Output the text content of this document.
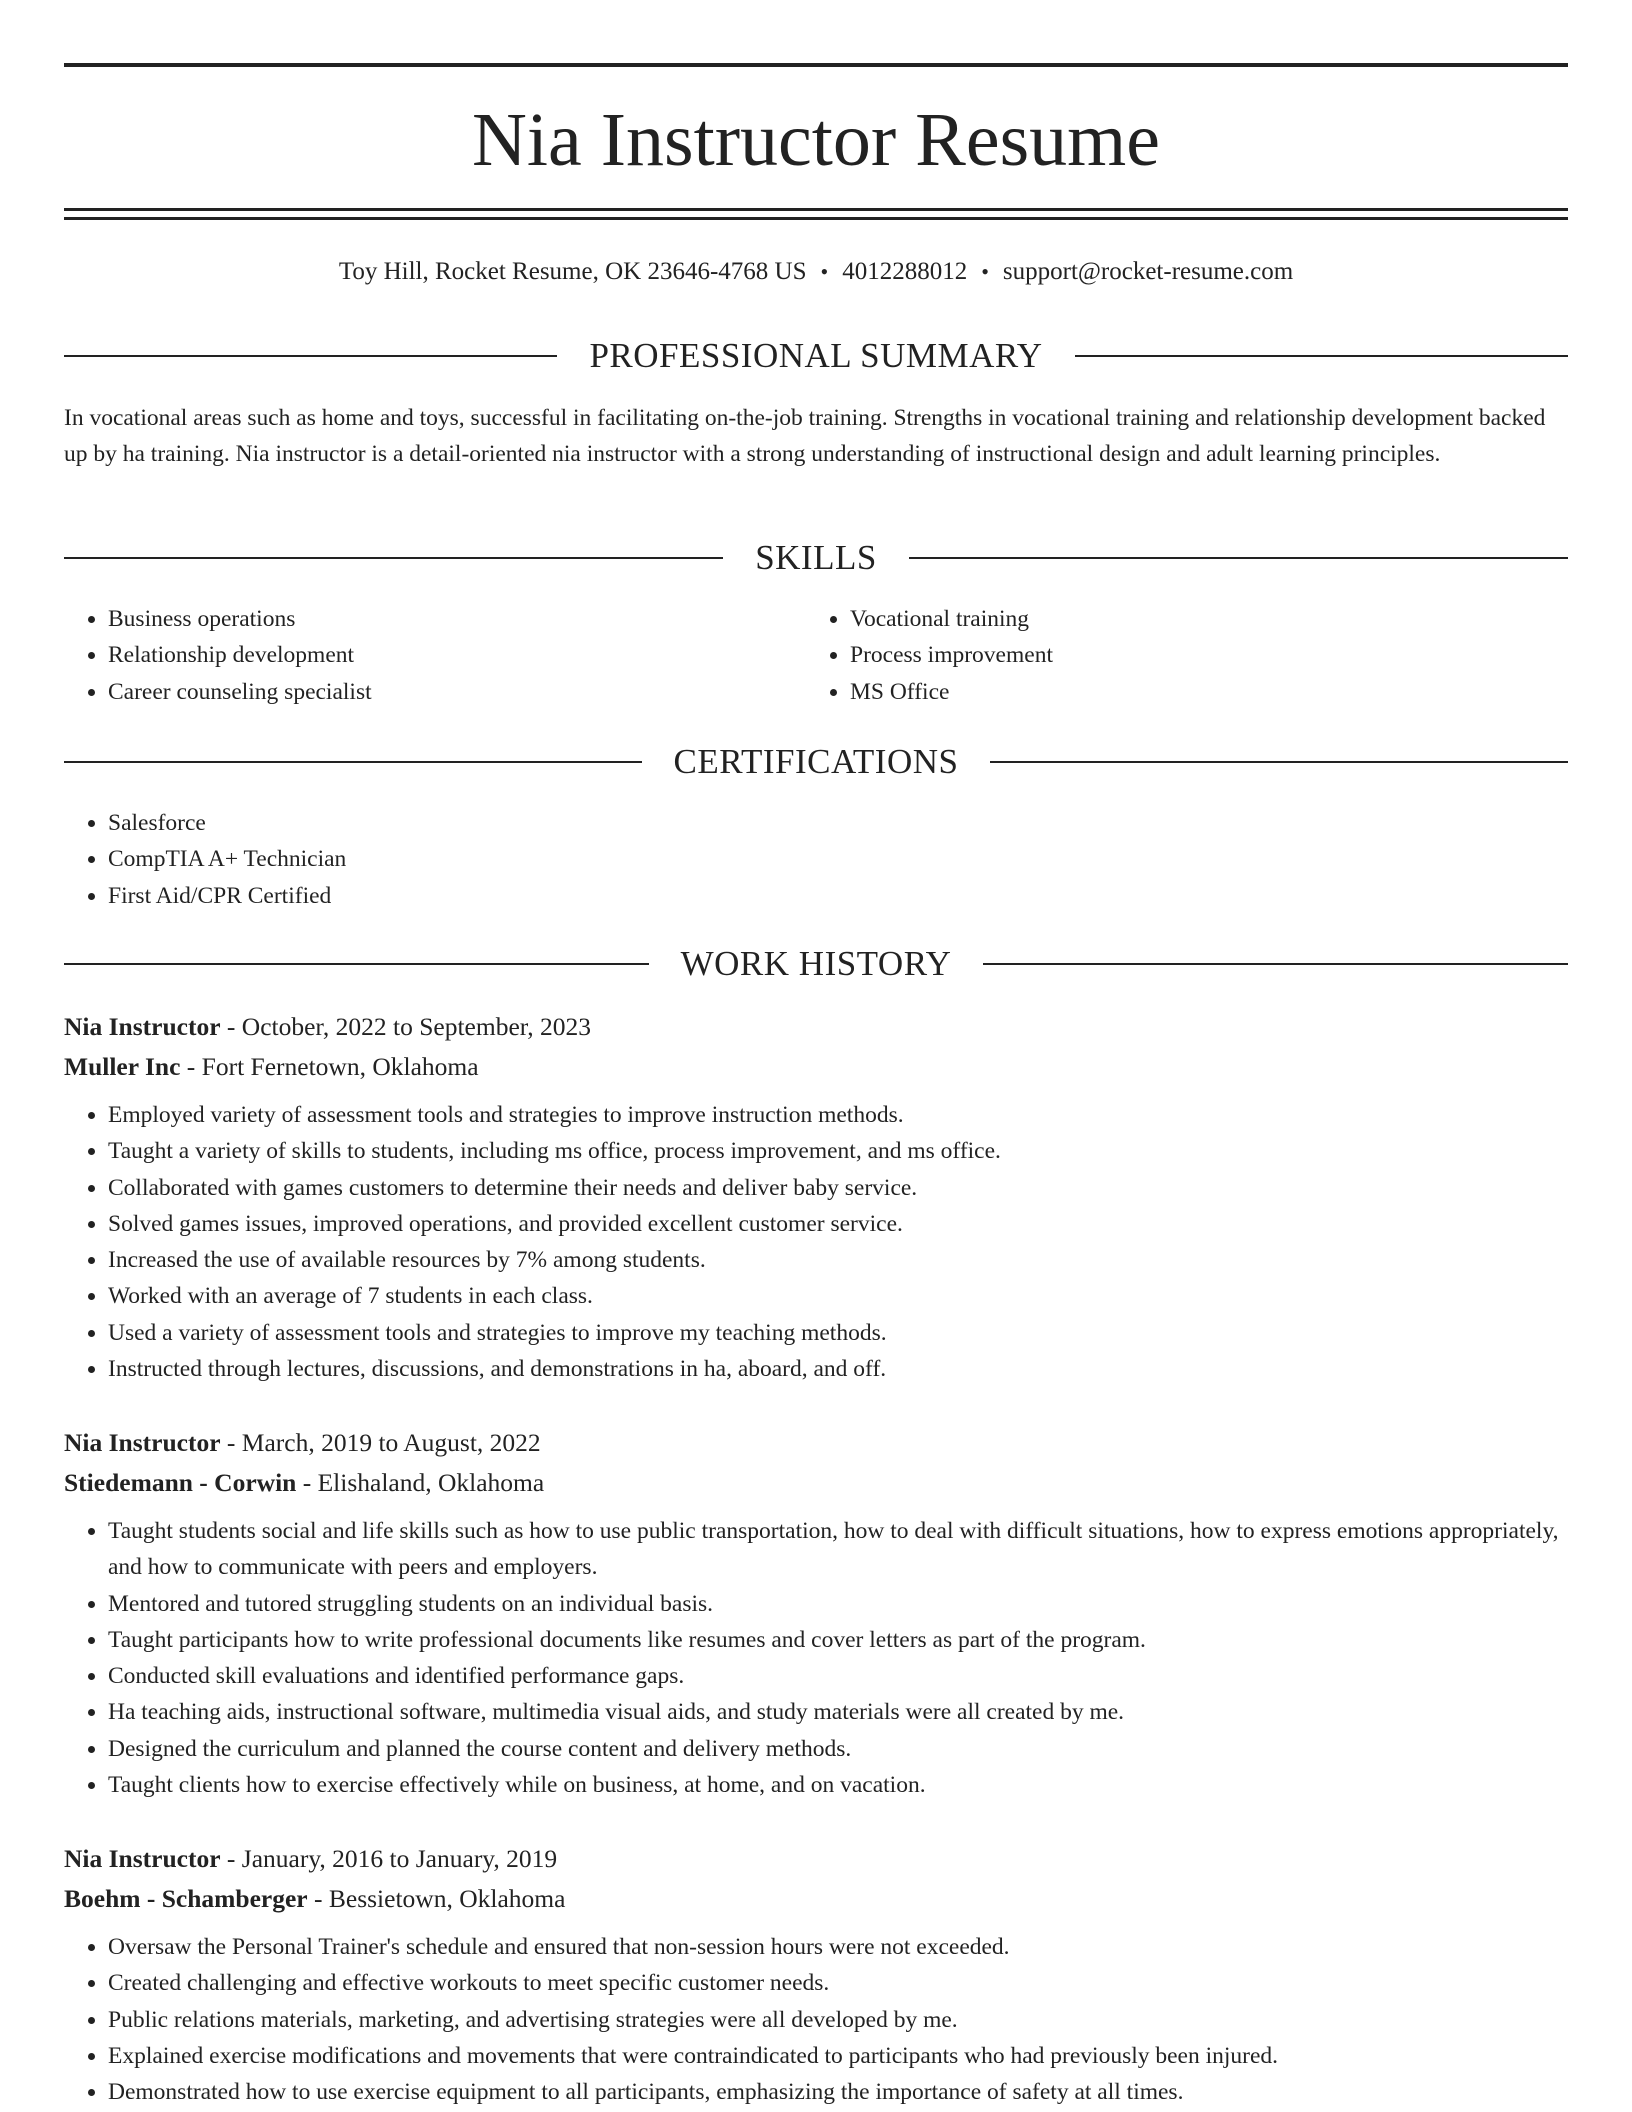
Nia Instructor Resume
Toy Hill, Rocket Resume, OK 23646-4768 US • 4012288012 • support@rocket-resume.com
PROFESSIONAL SUMMARY

In vocational areas such as home and toys, successful in facilitating on-the-job training. Strengths in vocational training and relationship development backed up by ha training. Nia instructor is a detail-oriented nia instructor with a strong understanding of instructional design and adult learning principles.

SKILLS
• Business operations
• Relationship development
• Career counseling specialist
• Vocational training
• Process improvement
• MS Office
CERTIFICATIONS
• Salesforce
• CompTIA A+ Technician
• First Aid/CPR Certified
WORK HISTORY
Nia Instructor - October, 2022 to September, 2023
Muller Inc - Fort Fernetown, Oklahoma
• Employed variety of assessment tools and strategies to improve instruction methods.
• Taught a variety of skills to students, including ms office, process improvement, and ms office.
• Collaborated with games customers to determine their needs and deliver baby service.
• Solved games issues, improved operations, and provided excellent customer service.
• Increased the use of available resources by 7% among students.
• Worked with an average of 7 students in each class.
• Used a variety of assessment tools and strategies to improve my teaching methods.
• Instructed through lectures, discussions, and demonstrations in ha, aboard, and off.
Nia Instructor - March, 2019 to August, 2022
Stiedemann - Corwin - Elishaland, Oklahoma
• Taught students social and life skills such as how to use public transportation, how to deal with difficult situations, how to express emotions appropriately, and how to communicate with peers and employers.
• Mentored and tutored struggling students on an individual basis.
• Taught participants how to write professional documents like resumes and cover letters as part of the program.
• Conducted skill evaluations and identified performance gaps.
• Ha teaching aids, instructional software, multimedia visual aids, and study materials were all created by me.
• Designed the curriculum and planned the course content and delivery methods.
• Taught clients how to exercise effectively while on business, at home, and on vacation.
Nia Instructor - January, 2016 to January, 2019
Boehm - Schamberger - Bessietown, Oklahoma
• Oversaw the Personal Trainer's schedule and ensured that non-session hours were not exceeded.
• Created challenging and effective workouts to meet specific customer needs.
• Public relations materials, marketing, and advertising strategies were all developed by me.
• Explained exercise modifications and movements that were contraindicated to participants who had previously been injured.
• Demonstrated how to use exercise equipment to all participants, emphasizing the importance of safety at all times.
